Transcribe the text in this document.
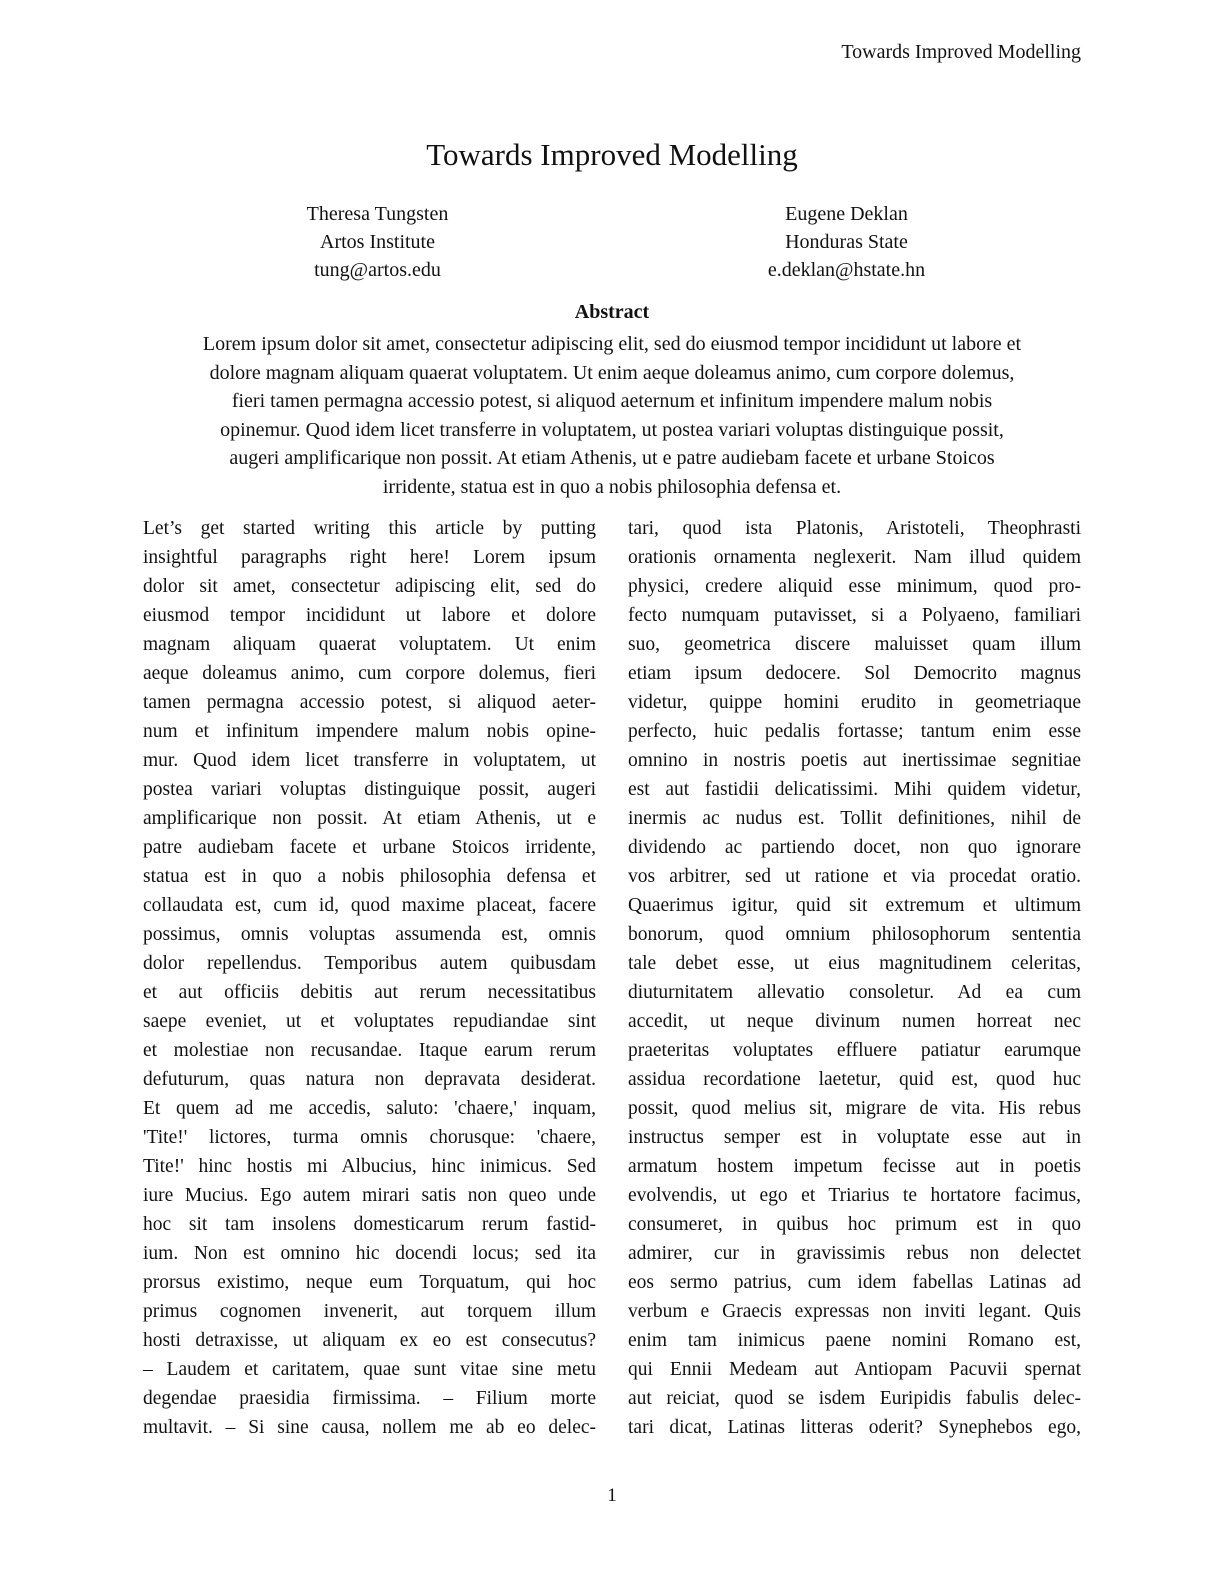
Towards Improved Modelling
Towards Improved Modelling
Theresa Tungsten
Artos Institute
tung@artos.edu
Eugene Deklan
Honduras State
e.deklan@hstate.hn
Abstract
Lorem ipsum dolor sit amet, consectetur adipiscing elit, sed do eiusmod tempor incididunt ut labore et
dolore magnam aliquam quaerat voluptatem. Ut enim aeque doleamus animo, cum corpore dolemus,
fieri tamen permagna accessio potest, si aliquod aeternum et infinitum impendere malum nobis
opinemur. Quod idem licet transferre in voluptatem, ut postea variari voluptas distinguique possit,
augeri amplificarique non possit. At etiam Athenis, ut e patre audiebam facete et urbane Stoicos
irridente, statua est in quo a nobis philosophia defensa et.
Let’s get started writing this article by putting
insightful paragraphs right here! Lorem ipsum
dolor sit amet, consectetur adipiscing elit, sed do
eiusmod tempor incididunt ut labore et dolore
magnam aliquam quaerat voluptatem. Ut enim
aeque doleamus animo, cum corpore dolemus, fieri
tamen permagna accessio potest, si aliquod aeter-
num et infinitum impendere malum nobis opine-
mur. Quod idem licet transferre in voluptatem, ut
postea variari voluptas distinguique possit, augeri
amplificarique non possit. At etiam Athenis, ut e
patre audiebam facete et urbane Stoicos irridente,
statua est in quo a nobis philosophia defensa et
collaudata est, cum id, quod maxime placeat, facere
possimus, omnis voluptas assumenda est, omnis
dolor repellendus. Temporibus autem quibusdam
et aut officiis debitis aut rerum necessitatibus
saepe eveniet, ut et voluptates repudiandae sint
et molestiae non recusandae. Itaque earum rerum
defuturum, quas natura non depravata desiderat.
Et quem ad me accedis, saluto: 'chaere,' inquam,
'Tite!' lictores, turma omnis chorusque: 'chaere,
Tite!' hinc hostis mi Albucius, hinc inimicus. Sed
iure Mucius. Ego autem mirari satis non queo unde
hoc sit tam insolens domesticarum rerum fastid-
ium. Non est omnino hic docendi locus; sed ita
prorsus existimo, neque eum Torquatum, qui hoc
primus cognomen invenerit, aut torquem illum
hosti detraxisse, ut aliquam ex eo est consecutus?
– Laudem et caritatem, quae sunt vitae sine metu
degendae praesidia firmissima. – Filium morte
multavit. – Si sine causa, nollem me ab eo delec-
tari, quod ista Platonis, Aristoteli, Theophrasti
orationis ornamenta neglexerit. Nam illud quidem
physici, credere aliquid esse minimum, quod pro-
fecto numquam putavisset, si a Polyaeno, familiari
suo, geometrica discere maluisset quam illum
etiam ipsum dedocere. Sol Democrito magnus
videtur, quippe homini erudito in geometriaque
perfecto, huic pedalis fortasse; tantum enim esse
omnino in nostris poetis aut inertissimae segnitiae
est aut fastidii delicatissimi. Mihi quidem videtur,
inermis ac nudus est. Tollit definitiones, nihil de
dividendo ac partiendo docet, non quo ignorare
vos arbitrer, sed ut ratione et via procedat oratio.
Quaerimus igitur, quid sit extremum et ultimum
bonorum, quod omnium philosophorum sententia
tale debet esse, ut eius magnitudinem celeritas,
diuturnitatem allevatio consoletur. Ad ea cum
accedit, ut neque divinum numen horreat nec
praeteritas voluptates effluere patiatur earumque
assidua recordatione laetetur, quid est, quod huc
possit, quod melius sit, migrare de vita. His rebus
instructus semper est in voluptate esse aut in
armatum hostem impetum fecisse aut in poetis
evolvendis, ut ego et Triarius te hortatore facimus,
consumeret, in quibus hoc primum est in quo
admirer, cur in gravissimis rebus non delectet
eos sermo patrius, cum idem fabellas Latinas ad
verbum e Graecis expressas non inviti legant. Quis
enim tam inimicus paene nomini Romano est,
qui Ennii Medeam aut Antiopam Pacuvii spernat
aut reiciat, quod se isdem Euripidis fabulis delec-
tari dicat, Latinas litteras oderit? Synephebos ego,
1
